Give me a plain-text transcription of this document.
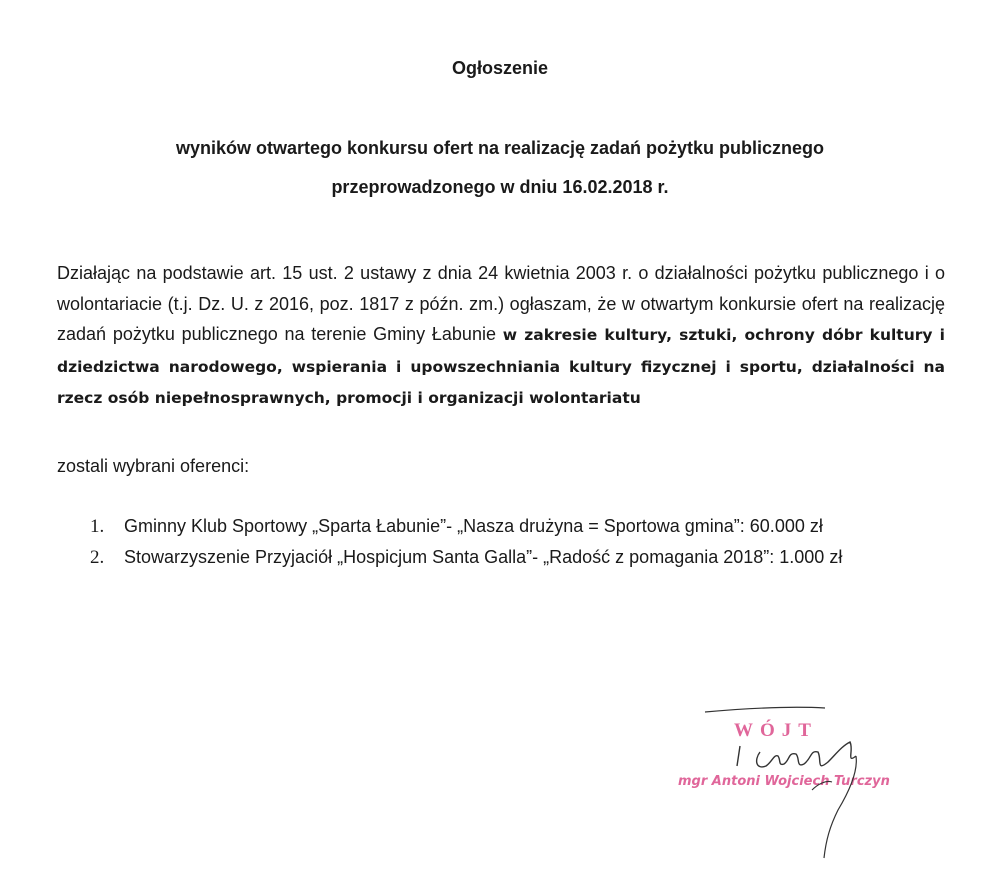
Ogłoszenie
wyników otwartego konkursu ofert na realizację zadań pożytku publicznego
przeprowadzonego w dniu 16.02.2018 r.

Działając na podstawie art. 15 ust. 2 ustawy z dnia 24 kwietnia 2003 r. o działalności pożytku publicznego i o wolontariacie (t.j. Dz. U. z 2016, poz. 1817 z późn. zm.) ogłaszam, że w otwartym konkursie ofert na realizację zadań pożytku publicznego na terenie Gminy Łabunie w zakresie kultury, sztuki, ochrony dóbr kultury i dziedzictwa narodowego, wspierania i upowszechniania kultury fizycznej i sportu, działalności na rzecz osób niepełnosprawnych, promocji i organizacji wolontariatu

zostali wybrani oferenci:

1. Gminny Klub Sportowy „Sparta Łabunie”- „Nasza drużyna = Sportowa gmina”: 60.000 zł
2. Stowarzyszenie Przyjaciół „Hospicjum Santa Galla”- „Radość z pomagania 2018”: 1.000 zł

WÓJT

mgr Antoni Wojciech Turczyn
